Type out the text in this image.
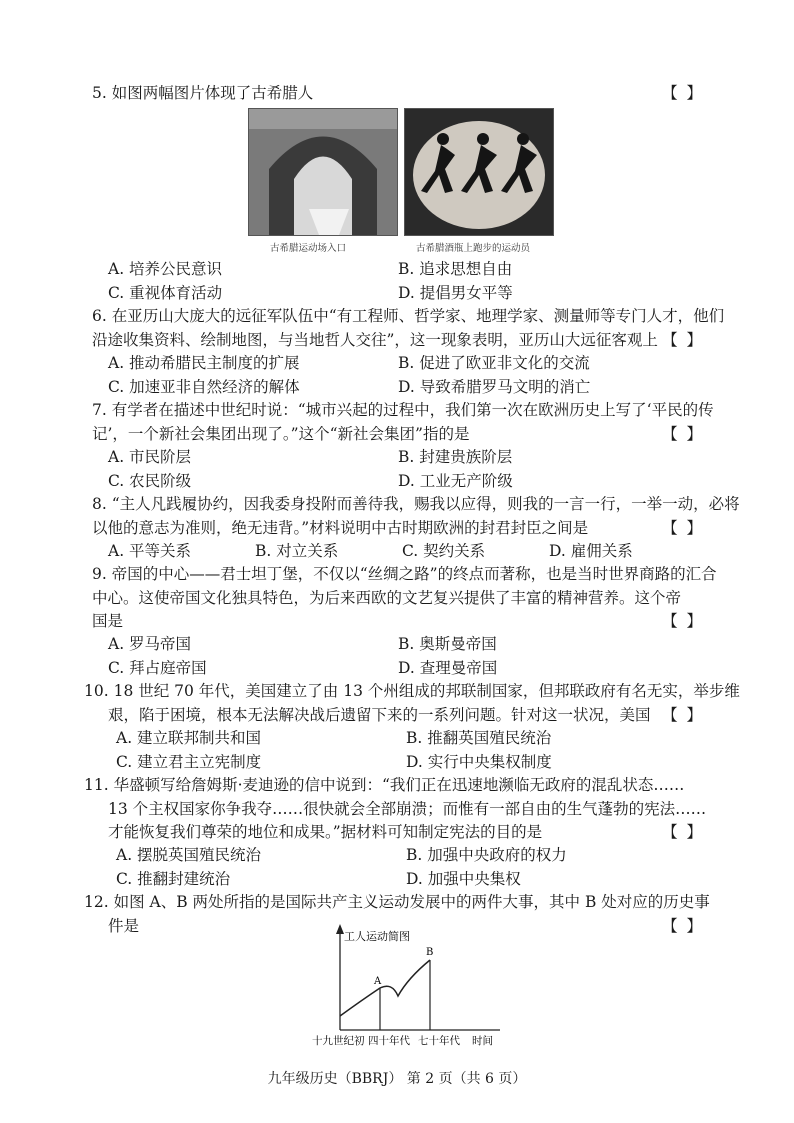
5. 如图两幅图片体现了古希腊人	【 】
古希腊运动场入口	古希腊酒瓶上跑步的运动员
A. 培养公民意识	B. 追求思想自由
C. 重视体育活动	D. 提倡男女平等
6. 在亚历山大庞大的远征军队伍中“有工程师、哲学家、地理学家、测量师等专门人才，他们
沿途收集资料、绘制地图，与当地哲人交往”，这一现象表明，亚历山大远征客观上 【 】
A. 推动希腊民主制度的扩展	B. 促进了欧亚非文化的交流
C. 加速亚非自然经济的解体	D. 导致希腊罗马文明的消亡
7. 有学者在描述中世纪时说：“城市兴起的过程中，我们第一次在欧洲历史上写了‘平民的传
记’，一个新社会集团出现了。”这个“新社会集团”指的是	【 】
A. 市民阶层	B. 封建贵族阶层
C. 农民阶级	D. 工业无产阶级
8. “主人凡践履协约，因我委身投附而善待我，赐我以应得，则我的一言一行，一举一动，必将
以他的意志为准则，绝无违背。”材料说明中古时期欧洲的封君封臣之间是	【 】
A. 平等关系	B. 对立关系	C. 契约关系	D. 雇佣关系
9. 帝国的中心——君士坦丁堡，不仅以“丝绸之路”的终点而著称，也是当时世界商路的汇合
中心。这使帝国文化独具特色，为后来西欧的文艺复兴提供了丰富的精神营养。这个帝
国是	【 】
A. 罗马帝国	B. 奥斯曼帝国
C. 拜占庭帝国	D. 查理曼帝国
10. 18 世纪 70 年代，美国建立了由 13 个州组成的邦联制国家，但邦联政府有名无实，举步维
艰，陷于困境，根本无法解决战后遗留下来的一系列问题。针对这一状况，美国 【 】
A. 建立联邦制共和国	B. 推翻英国殖民统治
C. 建立君主立宪制度	D. 实行中央集权制度
11. 华盛顿写给詹姆斯·麦迪逊的信中说到：“我们正在迅速地濒临无政府的混乱状态……
13 个主权国家你争我夺……很快就会全部崩溃；而惟有一部自由的生气蓬勃的宪法……
才能恢复我们尊荣的地位和成果。”据材料可知制定宪法的目的是	【 】
A. 摆脱英国殖民统治	B. 加强中央政府的权力
C. 推翻封建统治	D. 加强中央集权
12. 如图 A、B 两处所指的是国际共产主义运动发展中的两件大事，其中 B 处对应的历史事
件是	【 】
工人运动简图
A
B
十九世纪初 四十年代 七十年代 时间
九年级历史（BBRJ） 第 2 页（共 6 页）
